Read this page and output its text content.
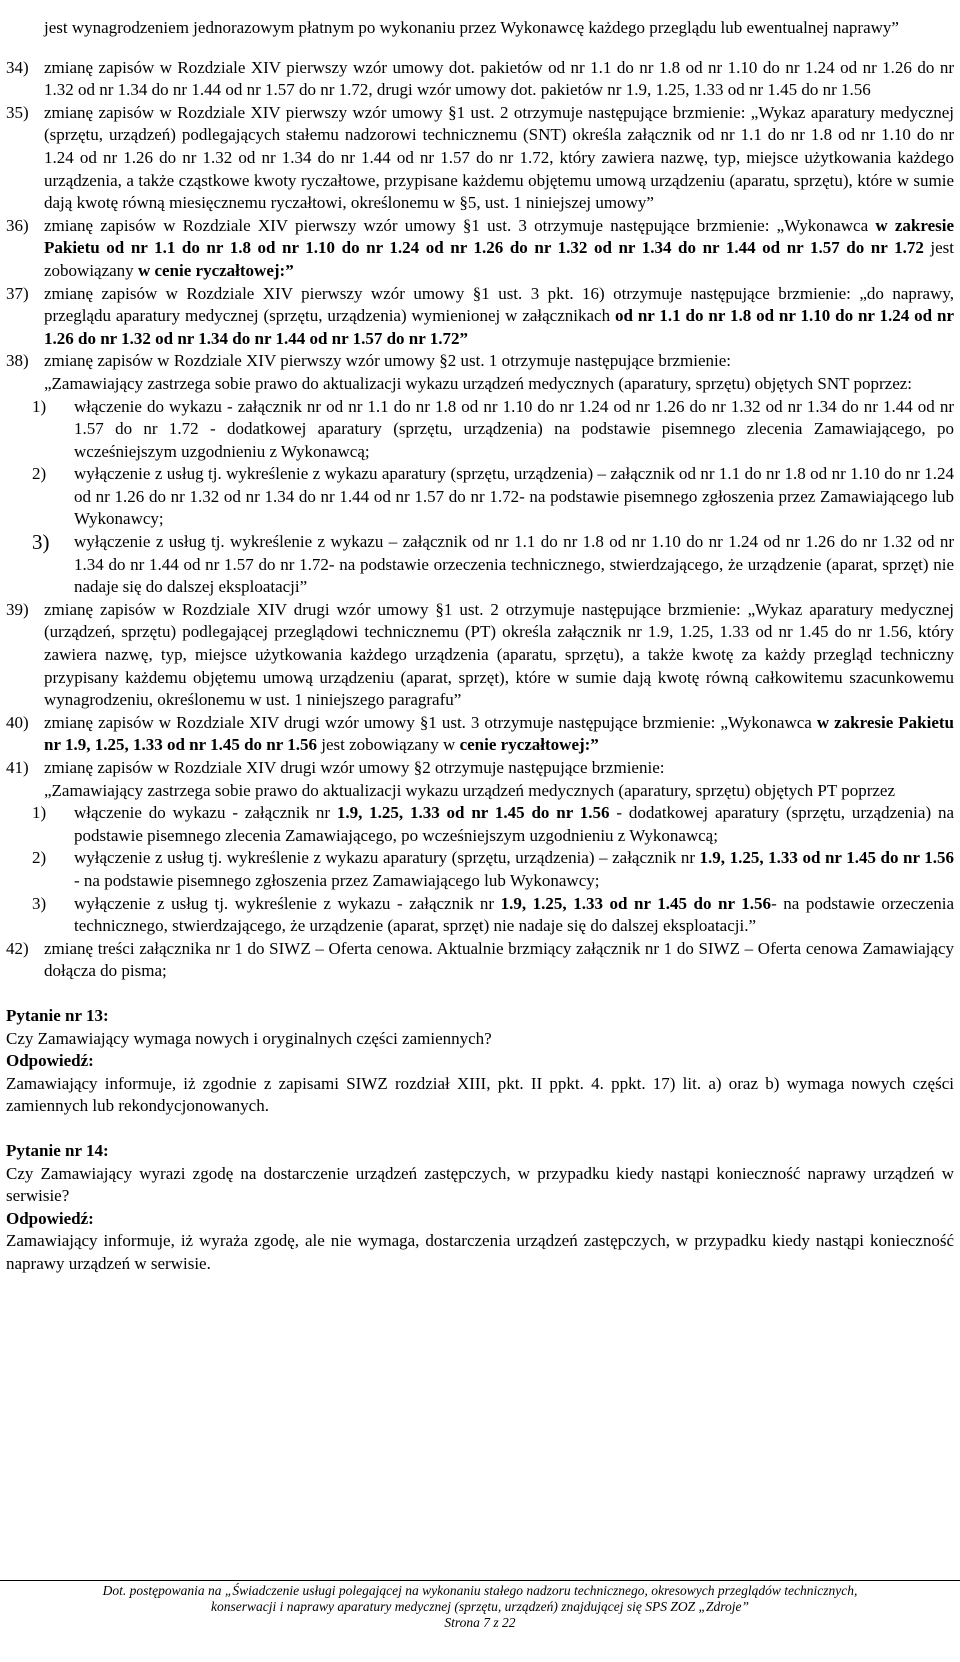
jest wynagrodzeniem jednorazowym płatnym po wykonaniu przez Wykonawcę każdego przeglądu lub ewentualnej naprawy”

34) zmianę zapisów w Rozdziale XIV pierwszy wzór umowy dot. pakietów od nr 1.1 do nr 1.8 od nr 1.10 do nr 1.24 od nr 1.26 do nr 1.32 od nr 1.34 do nr 1.44 od nr 1.57 do nr 1.72, drugi wzór umowy dot. pakietów nr 1.9, 1.25, 1.33 od nr 1.45 do nr 1.56
35) zmianę zapisów w Rozdziale XIV pierwszy wzór umowy §1 ust. 2 otrzymuje następujące brzmienie: „Wykaz aparatury medycznej (sprzętu, urządzeń) podlegających stałemu nadzorowi technicznemu (SNT) określa załącznik od nr 1.1 do nr 1.8 od nr 1.10 do nr 1.24 od nr 1.26 do nr 1.32 od nr 1.34 do nr 1.44 od nr 1.57 do nr 1.72, który zawiera nazwę, typ, miejsce użytkowania każdego urządzenia, a także cząstkowe kwoty ryczałtowe, przypisane każdemu objętemu umową urządzeniu (aparatu, sprzętu), które w sumie dają kwotę równą miesięcznemu ryczałtowi, określonemu w §5, ust. 1 niniejszej umowy”
36) zmianę zapisów w Rozdziale XIV pierwszy wzór umowy §1 ust. 3 otrzymuje następujące brzmienie: „Wykonawca w zakresie Pakietu od nr 1.1 do nr 1.8 od nr 1.10 do nr 1.24 od nr 1.26 do nr 1.32 od nr 1.34 do nr 1.44 od nr 1.57 do nr 1.72 jest zobowiązany w cenie ryczałtowej:”
37) zmianę zapisów w Rozdziale XIV pierwszy wzór umowy §1 ust. 3 pkt. 16) otrzymuje następujące brzmienie: „do naprawy, przeglądu aparatury medycznej (sprzętu, urządzenia) wymienionej w załącznikach od nr 1.1 do nr 1.8 od nr 1.10 do nr 1.24 od nr 1.26 do nr 1.32 od nr 1.34 do nr 1.44 od nr 1.57 do nr 1.72”
38) zmianę zapisów w Rozdziale XIV pierwszy wzór umowy §2 ust. 1 otrzymuje następujące brzmienie:
„Zamawiający zastrzega sobie prawo do aktualizacji wykazu urządzeń medycznych (aparatury, sprzętu) objętych SNT poprzez:
1) włączenie do wykazu - załącznik nr od nr 1.1 do nr 1.8 od nr 1.10 do nr 1.24 od nr 1.26 do nr 1.32 od nr 1.34 do nr 1.44 od nr 1.57 do nr 1.72 - dodatkowej aparatury (sprzętu, urządzenia) na podstawie pisemnego zlecenia Zamawiającego, po wcześniejszym uzgodnieniu z Wykonawcą;
2) wyłączenie z usług tj. wykreślenie z wykazu aparatury (sprzętu, urządzenia) – załącznik od nr 1.1 do nr 1.8 od nr 1.10 do nr 1.24 od nr 1.26 do nr 1.32 od nr 1.34 do nr 1.44 od nr 1.57 do nr 1.72- na podstawie pisemnego zgłoszenia przez Zamawiającego lub Wykonawcy;
3) wyłączenie z usług tj. wykreślenie z wykazu – załącznik od nr 1.1 do nr 1.8 od nr 1.10 do nr 1.24 od nr 1.26 do nr 1.32 od nr 1.34 do nr 1.44 od nr 1.57 do nr 1.72- na podstawie orzeczenia technicznego, stwierdzającego, że urządzenie (aparat, sprzęt) nie nadaje się do dalszej eksploatacji”
39) zmianę zapisów w Rozdziale XIV drugi wzór umowy §1 ust. 2 otrzymuje następujące brzmienie: „Wykaz aparatury medycznej (urządzeń, sprzętu) podlegającej przeglądowi technicznemu (PT) określa załącznik nr 1.9, 1.25, 1.33 od nr 1.45 do nr 1.56, który zawiera nazwę, typ, miejsce użytkowania każdego urządzenia (aparatu, sprzętu), a także kwotę za każdy przegląd techniczny przypisany każdemu objętemu umową urządzeniu (aparat, sprzęt), które w sumie dają kwotę równą całkowitemu szacunkowemu wynagrodzeniu, określonemu w ust. 1 niniejszego paragrafu”
40) zmianę zapisów w Rozdziale XIV drugi wzór umowy §1 ust. 3 otrzymuje następujące brzmienie: „Wykonawca w zakresie Pakietu nr 1.9, 1.25, 1.33 od nr 1.45 do nr 1.56 jest zobowiązany w cenie ryczałtowej:”
41) zmianę zapisów w Rozdziale XIV drugi wzór umowy §2 otrzymuje następujące brzmienie:
„Zamawiający zastrzega sobie prawo do aktualizacji wykazu urządzeń medycznych (aparatury, sprzętu) objętych PT poprzez
1) włączenie do wykazu - załącznik nr 1.9, 1.25, 1.33 od nr 1.45 do nr 1.56 - dodatkowej aparatury (sprzętu, urządzenia) na podstawie pisemnego zlecenia Zamawiającego, po wcześniejszym uzgodnieniu z Wykonawcą;
2) wyłączenie z usług tj. wykreślenie z wykazu aparatury (sprzętu, urządzenia) – załącznik nr 1.9, 1.25, 1.33 od nr 1.45 do nr 1.56 - na podstawie pisemnego zgłoszenia przez Zamawiającego lub Wykonawcy;
3) wyłączenie z usług tj. wykreślenie z wykazu - załącznik nr 1.9, 1.25, 1.33 od nr 1.45 do nr 1.56- na podstawie orzeczenia technicznego, stwierdzającego, że urządzenie (aparat, sprzęt) nie nadaje się do dalszej eksploatacji.”
42) zmianę treści załącznika nr 1 do SIWZ – Oferta cenowa. Aktualnie brzmiący załącznik nr 1 do SIWZ – Oferta cenowa Zamawiający dołącza do pisma;

Pytanie nr 13:

Czy Zamawiający wymaga nowych i oryginalnych części zamiennych?

Odpowiedź:

Zamawiający informuje, iż zgodnie z zapisami SIWZ rozdział XIII, pkt. II ppkt. 4. ppkt. 17) lit. a) oraz b) wymaga nowych części zamiennych lub rekondycjonowanych.

Pytanie nr 14:

Czy Zamawiający wyrazi zgodę na dostarczenie urządzeń zastępczych, w przypadku kiedy nastąpi konieczność naprawy urządzeń w serwisie?

Odpowiedź:

Zamawiający informuje, iż wyraża zgodę, ale nie wymaga, dostarczenia urządzeń zastępczych, w przypadku kiedy nastąpi konieczność naprawy urządzeń w serwisie.

Dot. postępowania na „Świadczenie usługi polegającej na wykonaniu stałego nadzoru technicznego, okresowych przeglądów technicznych,
konserwacji i naprawy aparatury medycznej (sprzętu, urządzeń) znajdującej się SPS ZOZ „Zdroje”
Strona 7 z 22
